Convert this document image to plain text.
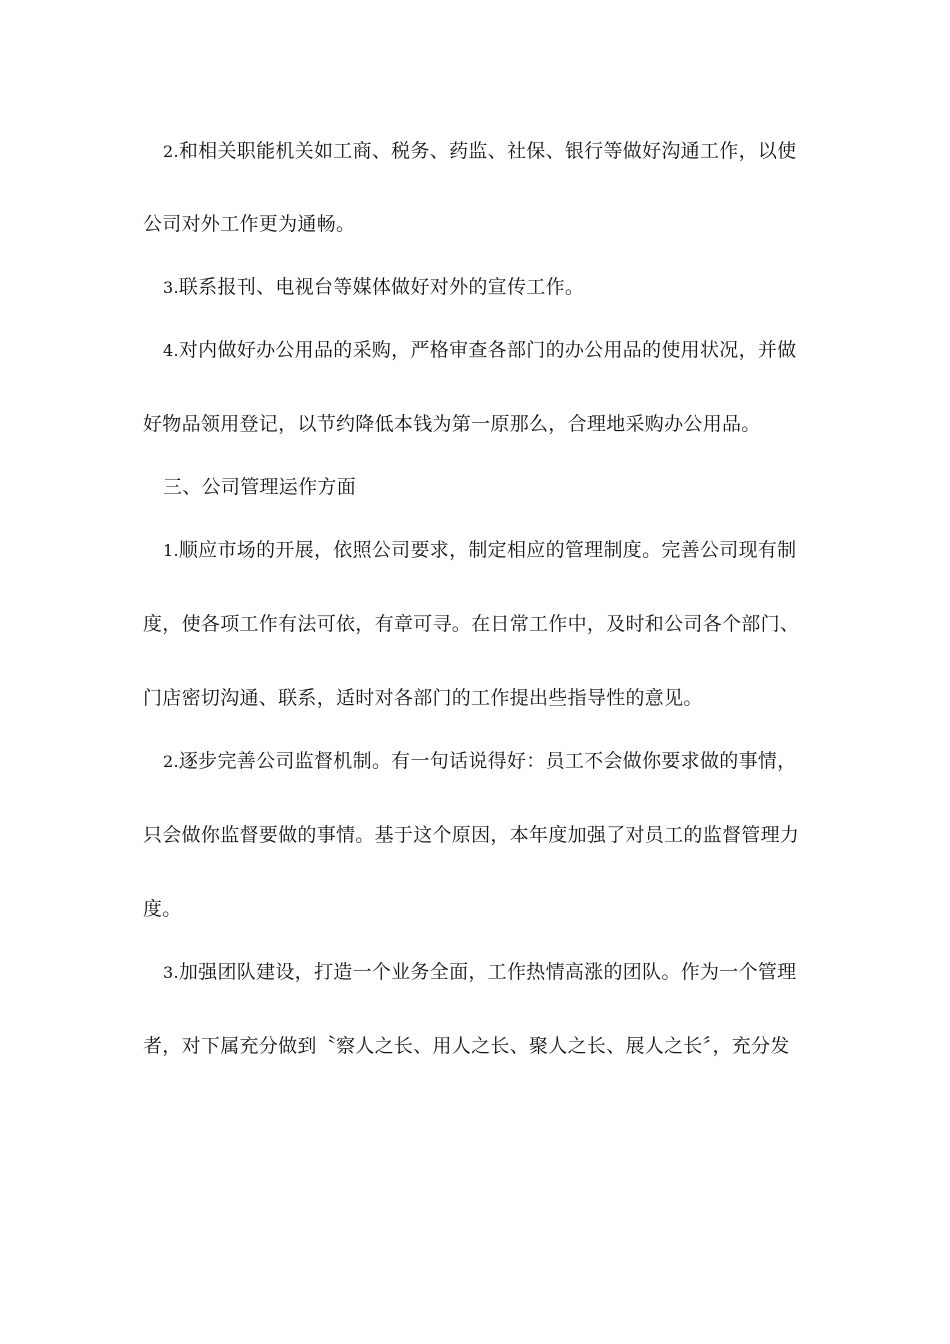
2.和相关职能机关如工商、税务、药监、社保、银行等做好沟通工作，以使
公司对外工作更为通畅。
3.联系报刊、电视台等媒体做好对外的宣传工作。
4.对内做好办公用品的采购，严格审查各部门的办公用品的使用状况，并做
好物品领用登记，以节约降低本钱为第一原那么，合理地采购办公用品。
三、公司管理运作方面
1.顺应市场的开展，依照公司要求，制定相应的管理制度。完善公司现有制
度，使各项工作有法可依，有章可寻。在日常工作中，及时和公司各个部门、
门店密切沟通、联系，适时对各部门的工作提出些指导性的意见。
2.逐步完善公司监督机制。有一句话说得好：员工不会做你要求做的事情，
只会做你监督要做的事情。基于这个原因，本年度加强了对员工的监督管理力
度。
3.加强团队建设，打造一个业务全面，工作热情高涨的团队。作为一个管理
者，对下属充分做到〝察人之长、用人之长、聚人之长、展人之长〞，充分发
